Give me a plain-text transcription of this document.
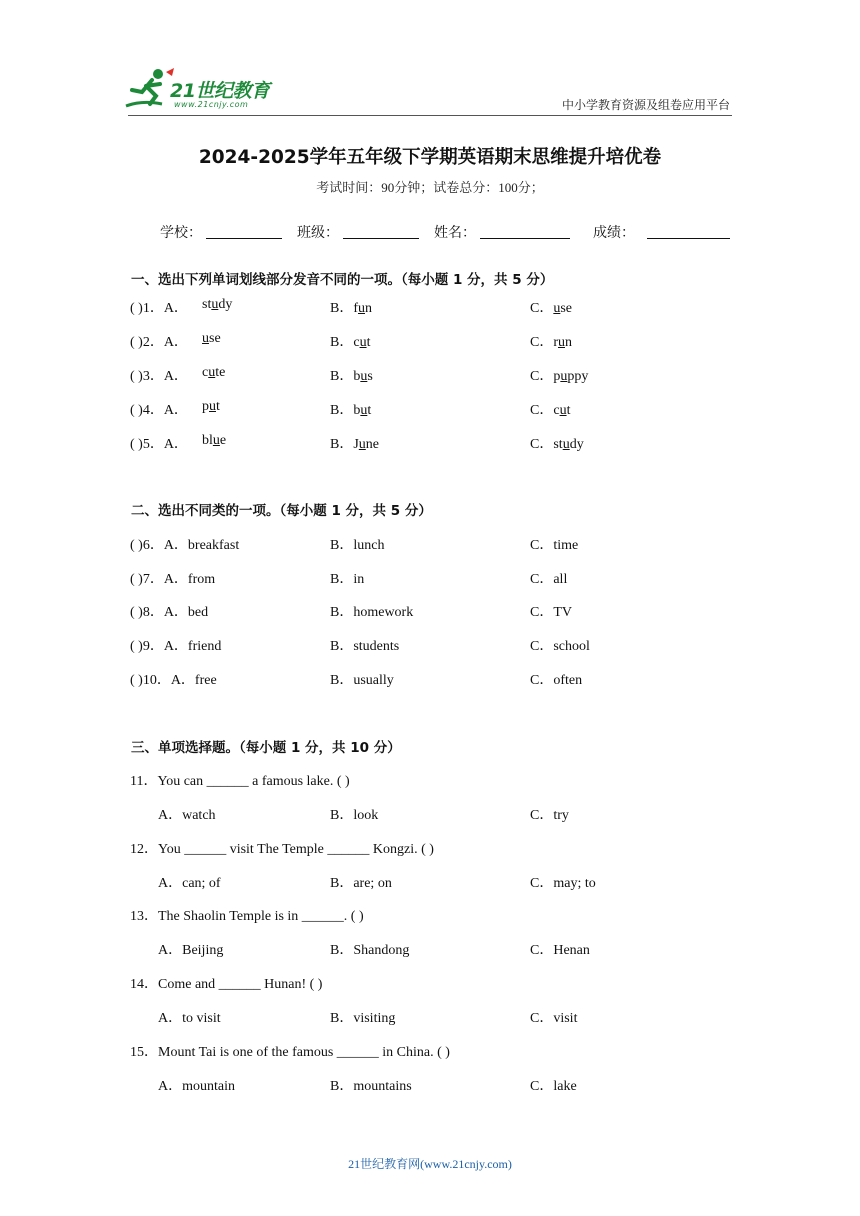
21世纪教育
www.21cnjy.com	中小学教育资源及组卷应用平台
2024-2025学年五年级下学期英语期末思维提升培优卷
考试时间：90分钟；试卷总分：100分；
学校：	班级：	姓名：	成绩：
一、选出下列单词划线部分发音不同的一项。（每小题 1 分，共 5 分）
( )1．A． study	B．fun	C．use
( )2．A． use	B．cut	C．run
( )3．A． cute	B．bus	C．puppy
( )4．A． put	B．but	C．cut
( )5．A． blue	B．June	C．study
二、选出不同类的一项。（每小题 1 分，共 5 分）
( )6．A．breakfast	B．lunch	C．time
( )7．A．from	B．in	C．all
( )8．A．bed	B．homework	C．TV
( )9．A．friend	B．students	C．school
( )10．A．free	B．usually	C．often
三、单项选择题。（每小题 1 分，共 10 分）
11．You can ______ a famous lake. ( )
A．watch	B．look	C．try
12．You ______ visit The Temple ______ Kongzi. ( )
A．can; of	B．are; on	C．may; to
13．The Shaolin Temple is in ______. ( )
A．Beijing	B．Shandong	C．Henan
14．Come and ______ Hunan! ( )
A．to visit	B．visiting	C．visit
15．Mount Tai is one of the famous ______ in China. ( )
A．mountain	B．mountains	C．lake
21世纪教育网(www.21cnjy.com)
